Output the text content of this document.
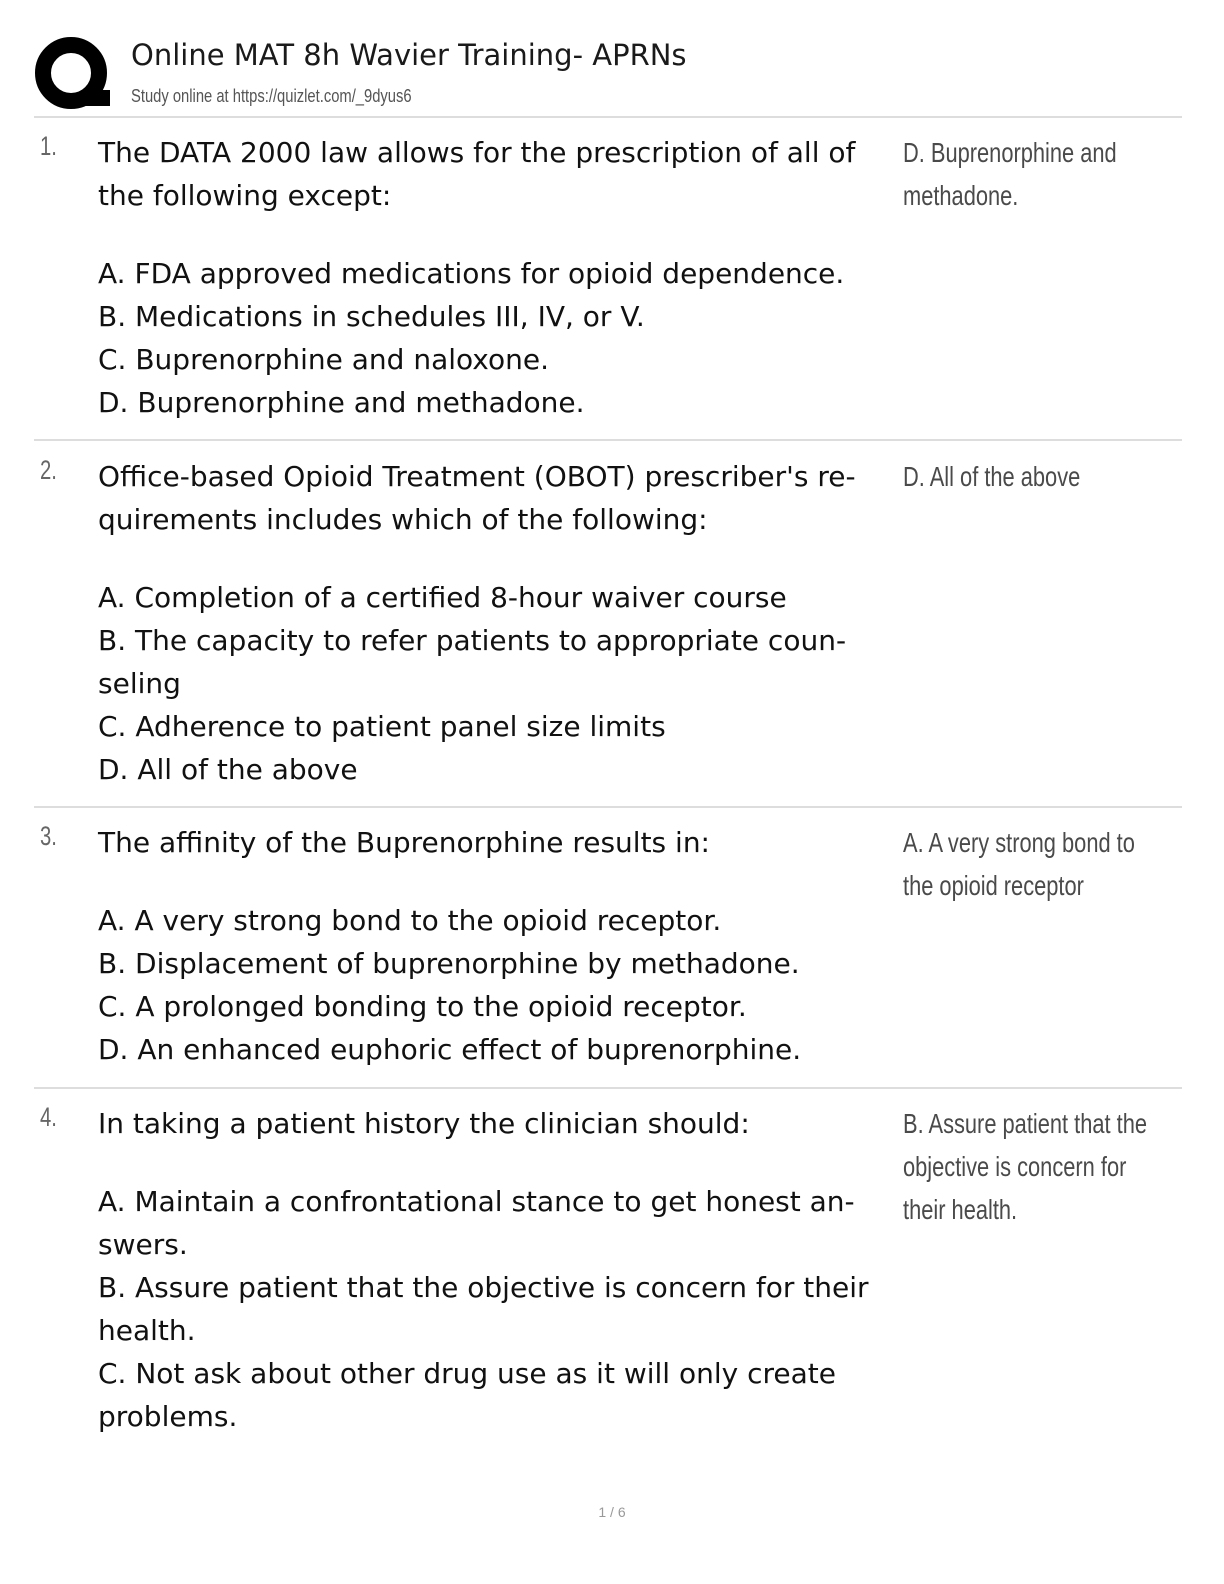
Online MAT 8h Wavier Training- APRNs
Study online at https://quizlet.com/_9dyus6
1. The DATA 2000 law allows for the prescription of all of

the following except:

A. FDA approved medications for opioid dependence.

B. Medications in schedules III, IV, or V.

C. Buprenorphine and naloxone.

D. Buprenorphine and methadone.

D. Buprenorphine and
methadone.
2. Office-based Opioid Treatment (OBOT) prescriber's re-

quirements includes which of the following:

A. Completion of a certified 8-hour waiver course

B. The capacity to refer patients to appropriate coun-

seling

C. Adherence to patient panel size limits

D. All of the above

D. All of the above
3. The affinity of the Buprenorphine results in:

A. A very strong bond to the opioid receptor.

B. Displacement of buprenorphine by methadone.

C. A prolonged bonding to the opioid receptor.

D. An enhanced euphoric effect of buprenorphine.

A. A very strong bond to
the opioid receptor
4. In taking a patient history the clinician should:

A. Maintain a confrontational stance to get honest an-

swers.

B. Assure patient that the objective is concern for their

health.

C. Not ask about other drug use as it will only create

problems.

B. Assure patient that the
objective is concern for
their health.
1 / 6
